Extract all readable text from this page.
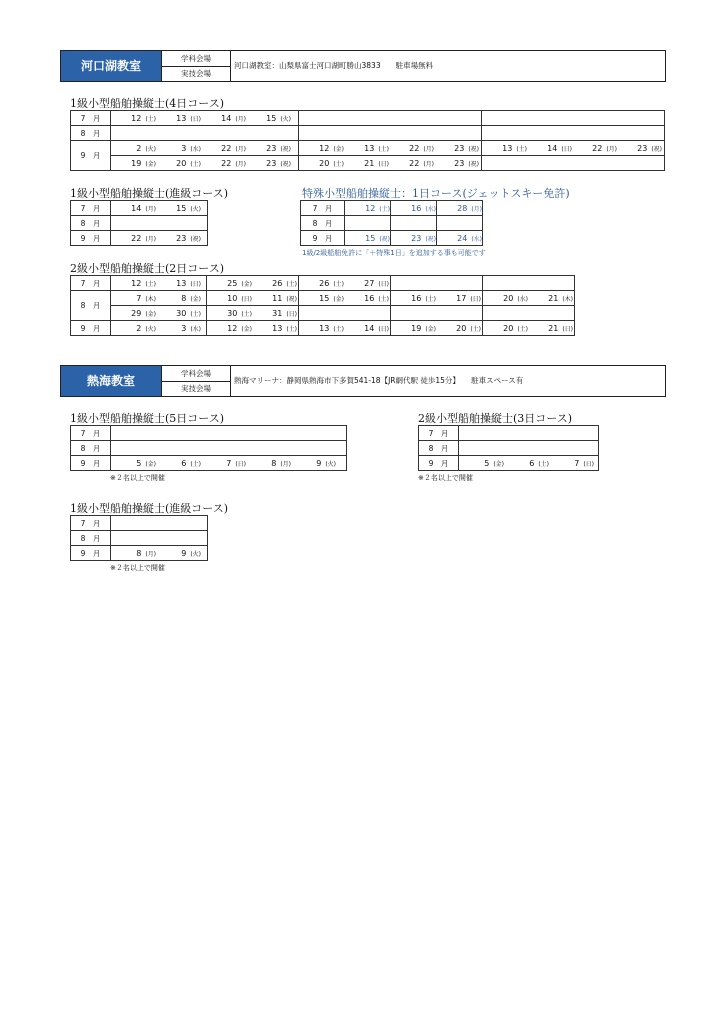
河口湖教室
学科会場
実技会場
河口湖教室：山梨県富士河口湖町勝山3833　　駐車場無料
1級小型船舶操縦士(4日コース)
7　月	12 (土) 13 (日) 14 (月) 15 (火)		
8　月			
9　月	2 (火) 3 (水) 22 (月) 23 (祝)	12 (金) 13 (土) 22 (月) 23 (祝)	13 (土) 14 (日) 22 (月) 23 (祝)
	19 (金) 20 (土) 22 (月) 23 (祝)	20 (土) 21 (日) 22 (月) 23 (祝)	
1級小型船舶操縦士(進級コース)
7　月	14 (月) 15 (火)
8　月	
9　月	22 (月) 23 (祝)
特殊小型船舶操縦士：1日コース(ジェットスキー免許)
7　月	12 (土)	16 (水)	28 (月)
8　月			
9　月	15 (祝)	23 (祝)	24 (水)
1級/2級船舶免許に「＋特殊1日」を追加する事も可能です
2級小型船舶操縦士(2日コース)
7　月	12 (土) 13 (日)	25 (金) 26 (土)	26 (土) 27 (日)		
8　月	7 (木) 8 (金)	10 (日) 11 (祝)	15 (金) 16 (土)	16 (土) 17 (日)	20 (水) 21 (木)
	29 (金) 30 (土)	30 (土) 31 (日)			
9　月	2 (火) 3 (水)	12 (金) 13 (土)	13 (土) 14 (日)	19 (金) 20 (土)	20 (土) 21 (日)
熱海教室
学科会場
実技会場
熱海マリーナ：静岡県熱海市下多賀541-18【JR網代駅 徒歩15分】　　駐車スペース有
1級小型船舶操縦士(5日コース)
7　月	
8　月	
9　月	5 (金) 6 (土) 7 (日) 8 (月) 9 (火)
※２名以上で開催
2級小型船舶操縦士(3日コース)
7　月	
8　月	
9　月	5 (金) 6 (土) 7 (日)
※２名以上で開催
1級小型船舶操縦士(進級コース)
7　月	
8　月	
9　月	8 (月) 9 (火)
※２名以上で開催
